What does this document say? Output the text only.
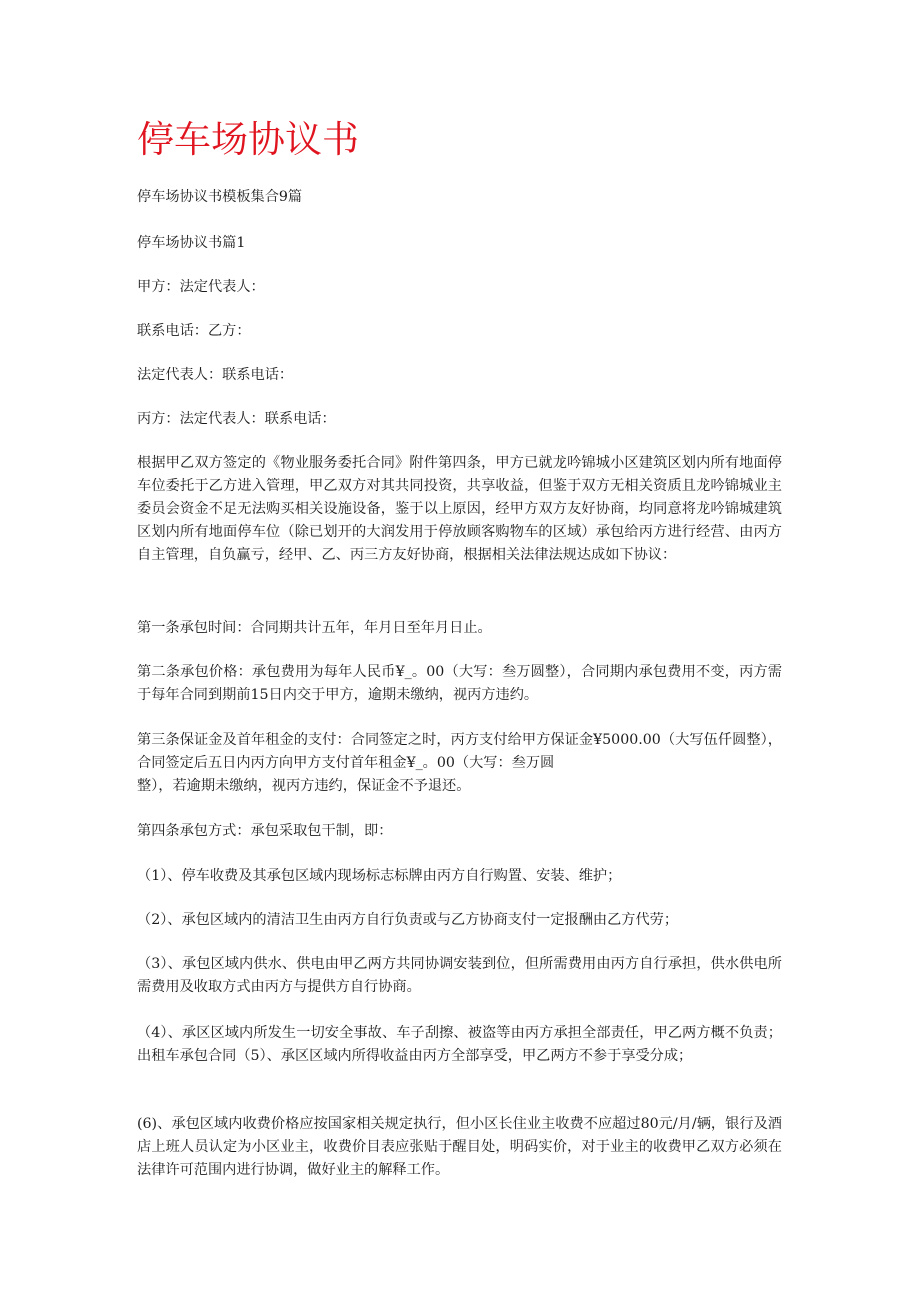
停车场协议书

停车场协议书模板集合9篇

停车场协议书篇1

甲方：法定代表人：

联系电话：乙方：

法定代表人：联系电话：

丙方：法定代表人：联系电话：

根据甲乙双方签定的《物业服务委托合同》附件第四条，甲方已就龙吟锦城小区建筑区划内所有地面停车位委托于乙方进入管理，甲乙双方对其共同投资，共享收益，但鉴于双方无相关资质且龙吟锦城业主委员会资金不足无法购买相关设施设备，鉴于以上原因，经甲方双方友好协商，均同意将龙吟锦城建筑区划内所有地面停车位（除已划开的大润发用于停放顾客购物车的区域）承包给丙方进行经营、由丙方自主管理，自负赢亏，经甲、乙、丙三方友好协商，根据相关法律法规达成如下协议：

第一条承包时间：合同期共计五年，年月日至年月日止。

第二条承包价格：承包费用为每年人民币¥_。00（大写：叁万圆整），合同期内承包费用不变，丙方需于每年合同到期前15日内交于甲方，逾期未缴纳，视丙方违约。

第三条保证金及首年租金的支付：合同签定之时，丙方支付给甲方保证金¥5000.00（大写伍仟圆整），合同签定后五日内丙方向甲方支付首年租金¥_。00（大写：叁万圆

整），若逾期未缴纳，视丙方违约，保证金不予退还。

第四条承包方式：承包采取包干制，即：

（1）、停车收费及其承包区域内现场标志标牌由丙方自行购置、安装、维护；

（2）、承包区域内的清洁卫生由丙方自行负责或与乙方协商支付一定报酬由乙方代劳；

（3）、承包区域内供水、供电由甲乙两方共同协调安装到位，但所需费用由丙方自行承担，供水供电所需费用及收取方式由丙方与提供方自行协商。

（4）、承区区域内所发生一切安全事故、车子刮擦、被盗等由丙方承担全部责任，甲乙两方概不负责；出租车承包合同（5）、承区区域内所得收益由丙方全部享受，甲乙两方不参于享受分成；

(6)、承包区域内收费价格应按国家相关规定执行，但小区长住业主收费不应超过80元/月/辆，银行及酒店上班人员认定为小区业主，收费价目表应张贴于醒目处，明码实价，对于业主的收费甲乙双方必须在法律许可范围内进行协调，做好业主的解释工作。
